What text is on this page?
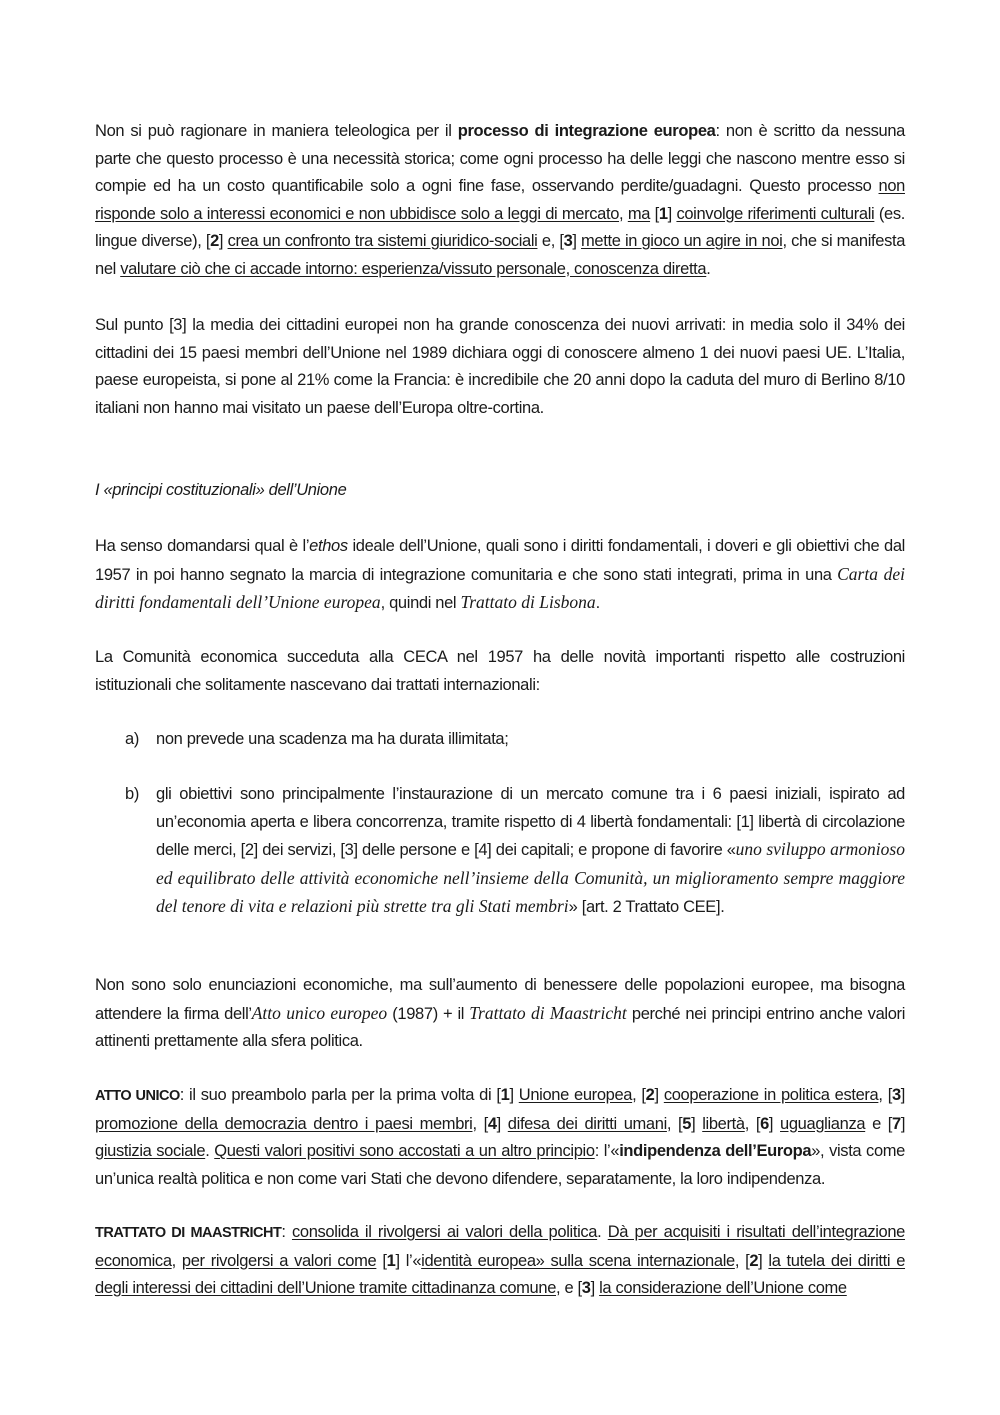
Non si può ragionare in maniera teleologica per il processo di integrazione europea: non è scritto da nessuna parte che questo processo è una necessità storica; come ogni processo ha delle leggi che nascono mentre esso si compie ed ha un costo quantificabile solo a ogni fine fase, osservando perdite/guadagni. Questo processo non risponde solo a interessi economici e non ubbidisce solo a leggi di mercato, ma [1] coinvolge riferimenti culturali (es. lingue diverse), [2] crea un confronto tra sistemi giuridico-sociali e, [3] mette in gioco un agire in noi, che si manifesta nel valutare ciò che ci accade intorno: esperienza/vissuto personale, conoscenza diretta.

Sul punto [3] la media dei cittadini europei non ha grande conoscenza dei nuovi arrivati: in media solo il 34% dei cittadini dei 15 paesi membri dell’Unione nel 1989 dichiara oggi di conoscere almeno 1 dei nuovi paesi UE. L’Italia, paese europeista, si pone al 21% come la Francia: è incredibile che 20 anni dopo la caduta del muro di Berlino 8/10 italiani non hanno mai visitato un paese dell’Europa oltre-cortina.

I «principi costituzionali» dell’Unione

Ha senso domandarsi qual è l’ethos ideale dell’Unione, quali sono i diritti fondamentali, i doveri e gli obiettivi che dal 1957 in poi hanno segnato la marcia di integrazione comunitaria e che sono stati integrati, prima in una Carta dei diritti fondamentali dell’Unione europea, quindi nel Trattato di Lisbona.

La Comunità economica succeduta alla CECA nel 1957 ha delle novità importanti rispetto alle costruzioni istituzionali che solitamente nascevano dai trattati internazionali:

a)	non prevede una scadenza ma ha durata illimitata;
b)	gli obiettivi sono principalmente l’instaurazione di un mercato comune tra i 6 paesi iniziali, ispirato ad un’economia aperta e libera concorrenza, tramite rispetto di 4 libertà fondamentali: [1] libertà di circolazione delle merci, [2] dei servizi, [3] delle persone e [4] dei capitali; e propone di favorire «uno sviluppo armonioso ed equilibrato delle attività economiche nell’insieme della Comunità, un miglioramento sempre maggiore del tenore di vita e relazioni più strette tra gli Stati membri» [art. 2 Trattato CEE].

Non sono solo enunciazioni economiche, ma sull’aumento di benessere delle popolazioni europee, ma bisogna attendere la firma dell’Atto unico europeo (1987) + il Trattato di Maastricht perché nei principi entrino anche valori attinenti prettamente alla sfera politica.

ATTO UNICO: il suo preambolo parla per la prima volta di [1] Unione europea, [2] cooperazione in politica estera, [3] promozione della democrazia dentro i paesi membri, [4] difesa dei diritti umani, [5] libertà, [6] uguaglianza e [7] giustizia sociale. Questi valori positivi sono accostati a un altro principio: l’«indipendenza dell’Europa», vista come un’unica realtà politica e non come vari Stati che devono difendere, separatamente, la loro indipendenza.

TRATTATO DI MAASTRICHT: consolida il rivolgersi ai valori della politica. Dà per acquisiti i risultati dell’integrazione economica, per rivolgersi a valori come [1] l’«identità europea» sulla scena internazionale, [2] la tutela dei diritti e degli interessi dei cittadini dell’Unione tramite cittadinanza comune, e [3] la considerazione dell’Unione come
